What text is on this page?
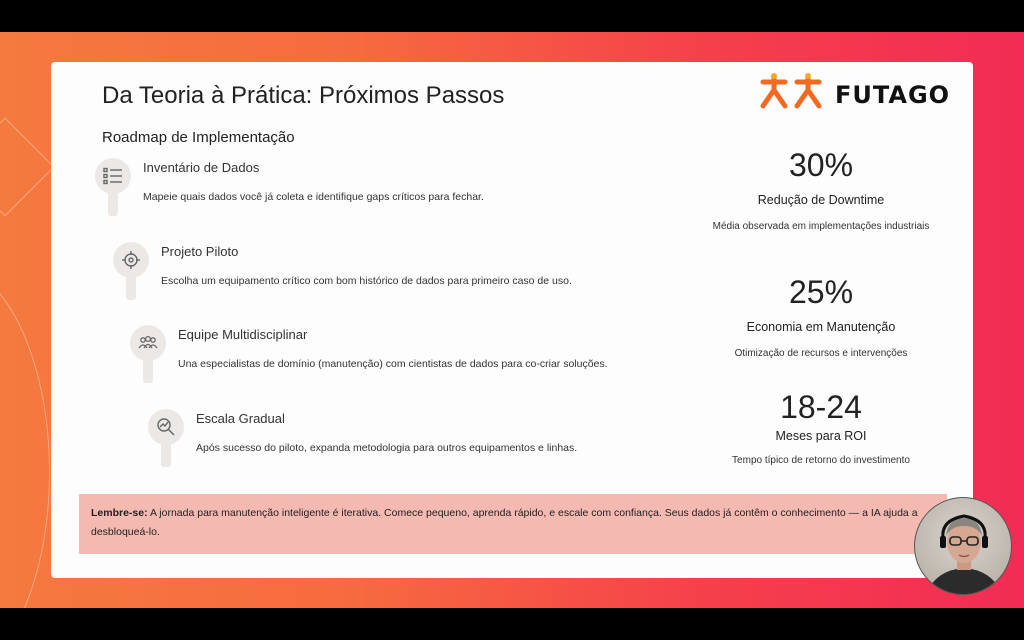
Da Teoria à Prática: Próximos Passos	FUTAGO
Roadmap de Implementação
Inventário de Dados
Mapeie quais dados você já coleta e identifique gaps críticos para fechar.
Projeto Piloto
Escolha um equipamento crítico com bom histórico de dados para primeiro caso de uso.
Equipe Multidisciplinar
Una especialistas de domínio (manutenção) com cientistas de dados para co-criar soluções.
Escala Gradual
Após sucesso do piloto, expanda metodologia para outros equipamentos e linhas.
30%
Redução de Downtime
Média observada em implementações industriais
25%
Economia em Manutenção
Otimização de recursos e intervenções
18-24
Meses para ROI
Tempo típico de retorno do investimento
Lembre-se: A jornada para manutenção inteligente é iterativa. Comece pequeno, aprenda rápido, e escale com confiança. Seus dados já contêm o conhecimento — a IA ajuda a desbloqueá-lo.
